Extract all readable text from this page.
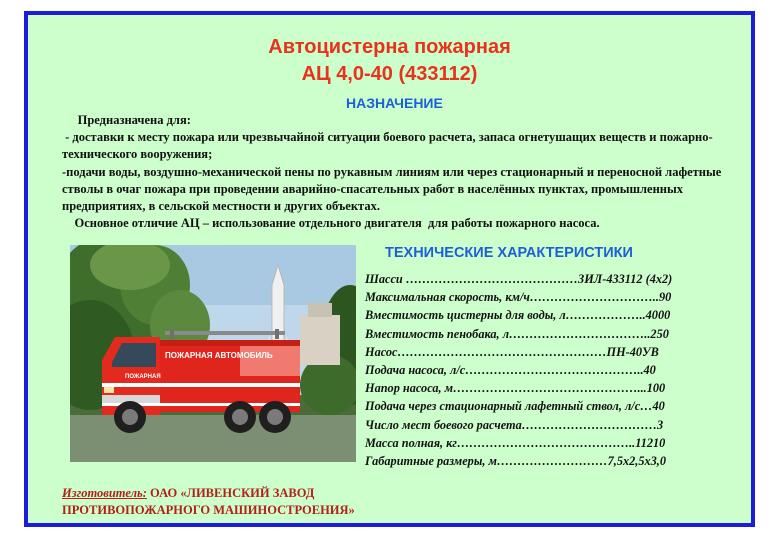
Автоцистерна пожарная
АЦ 4,0-40 (433112)
НАЗНАЧЕНИЕ

Предназначена для:

- доставки к месту пожара или чрезвычайной ситуации боевого расчета, запаса огнетушащих веществ и пожарно-технического вооружения;

-подачи воды, воздушно-механической пены по рукавным линиям или через стационарный и переносной лафетные стволы в очаг пожара при проведении аварийно-спасательных работ в населённых пунктах, промышленных предприятиях, в сельской местности и других объектах.

Основное отличие АЦ – использование отдельного двигателя  для работы пожарного насоса.

ПОЖАРНАЯ АВТОМОБИЛЬ
ПОЖАРНАЯ
ТЕХНИЧЕСКИЕ ХАРАКТЕРИСТИКИ
Шасси ……………………………………ЗИЛ-433112 (4х2)
Максимальная скорость, км/ч…………………………..90
Вместимость цистерны для воды, л………………..4000
Вместимость пенобака, л……………………………..250
Насос……………………………………………ПН-40УВ
Подача насоса, л/с……………………………………..40
Напор насоса, м………………………………………...100
Подача через стационарный лафетный ствол, л/с…40
Число мест боевого расчета……………………………3
Масса полная, кг……………………………………..11210
Габаритные размеры, м………………………7,5х2,5х3,0
Изготовитель: ОАО «ЛИВЕНСКИЙ ЗАВОД
ПРОТИВОПОЖАРНОГО МАШИНОСТРОЕНИЯ»
